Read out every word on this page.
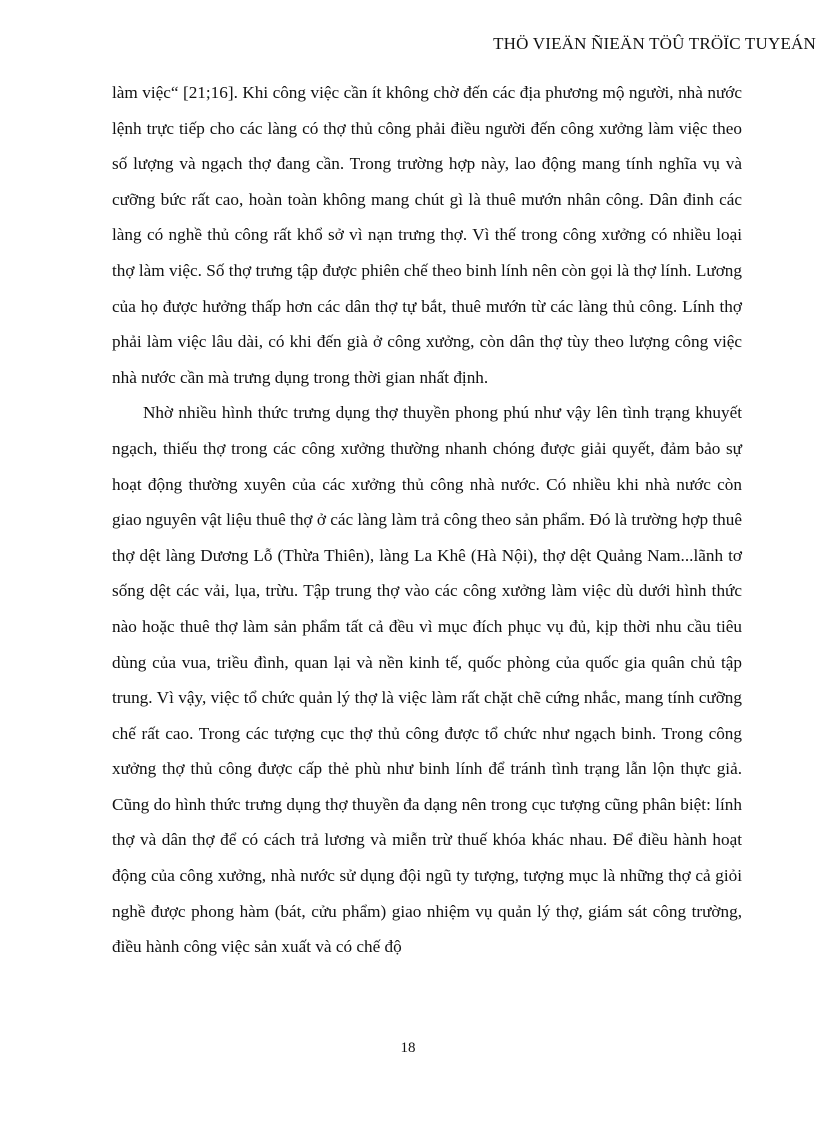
THÖ VIEÄN ÑIEÄN TÖÛ TRÖÏC TUYEÁN

làm việc“ [21;16]. Khi công việc cần ít không chờ đến các địa phương mộ người, nhà nước lệnh trực tiếp cho các làng có thợ thủ công phải điều người đến công xưởng làm việc theo số lượng và ngạch thợ đang cần. Trong trường hợp này, lao động mang tính nghĩa vụ và cưỡng bức rất cao, hoàn toàn không mang chút gì là thuê mướn nhân công. Dân đinh các làng có nghề thủ công rất khổ sở vì nạn trưng thợ. Vì thế trong công xưởng có nhiều loại thợ làm việc. Số thợ trưng tập được phiên chế theo binh lính nên còn gọi là thợ lính. Lương của họ được hưởng thấp hơn các dân thợ tự bắt, thuê mướn từ các làng thủ công. Lính thợ phải làm việc lâu dài, có khi đến già ở công xưởng, còn dân thợ tùy theo lượng công việc nhà nước cần mà trưng dụng trong thời gian nhất định.

Nhờ nhiều hình thức trưng dụng thợ thuyền phong phú như vậy lên tình trạng khuyết ngạch, thiếu thợ trong các công xưởng thường nhanh chóng được giải quyết, đảm bảo sự hoạt động thường xuyên của các xưởng thủ công nhà nước. Có nhiều khi nhà nước còn giao nguyên vật liệu thuê thợ ở các làng làm trả công theo sản phẩm. Đó là trường hợp thuê thợ dệt làng Dương Lỗ (Thừa Thiên), làng La Khê (Hà Nội), thợ dệt Quảng Nam...lãnh tơ sống dệt các vải, lụa, trừu. Tập trung thợ vào các công xưởng làm việc dù dưới hình thức nào hoặc thuê thợ làm sản phẩm tất cả đều vì mục đích phục vụ đủ, kịp thời nhu cầu tiêu dùng của vua, triều đình, quan lại và nền kinh tế, quốc phòng của quốc gia quân chủ tập trung. Vì vậy, việc tổ chức quản lý thợ là việc làm rất chặt chẽ cứng nhắc, mang tính cưỡng chế rất cao. Trong các tượng cục thợ thủ công được tổ chức như ngạch binh. Trong công xưởng thợ thủ công được cấp thẻ phù như binh lính để tránh tình trạng lẫn lộn thực giả. Cũng do hình thức trưng dụng thợ thuyền đa dạng nên trong cục tượng cũng phân biệt: lính thợ và dân thợ để có cách trả lương và miễn trừ thuế khóa khác nhau. Để điều hành hoạt động của công xưởng, nhà nước sử dụng đội ngũ ty tượng, tượng mục là những thợ cả giỏi nghề được phong hàm (bát, cửu phẩm) giao nhiệm vụ quản lý thợ, giám sát công trường, điều hành công việc sản xuất và có chế độ

18
